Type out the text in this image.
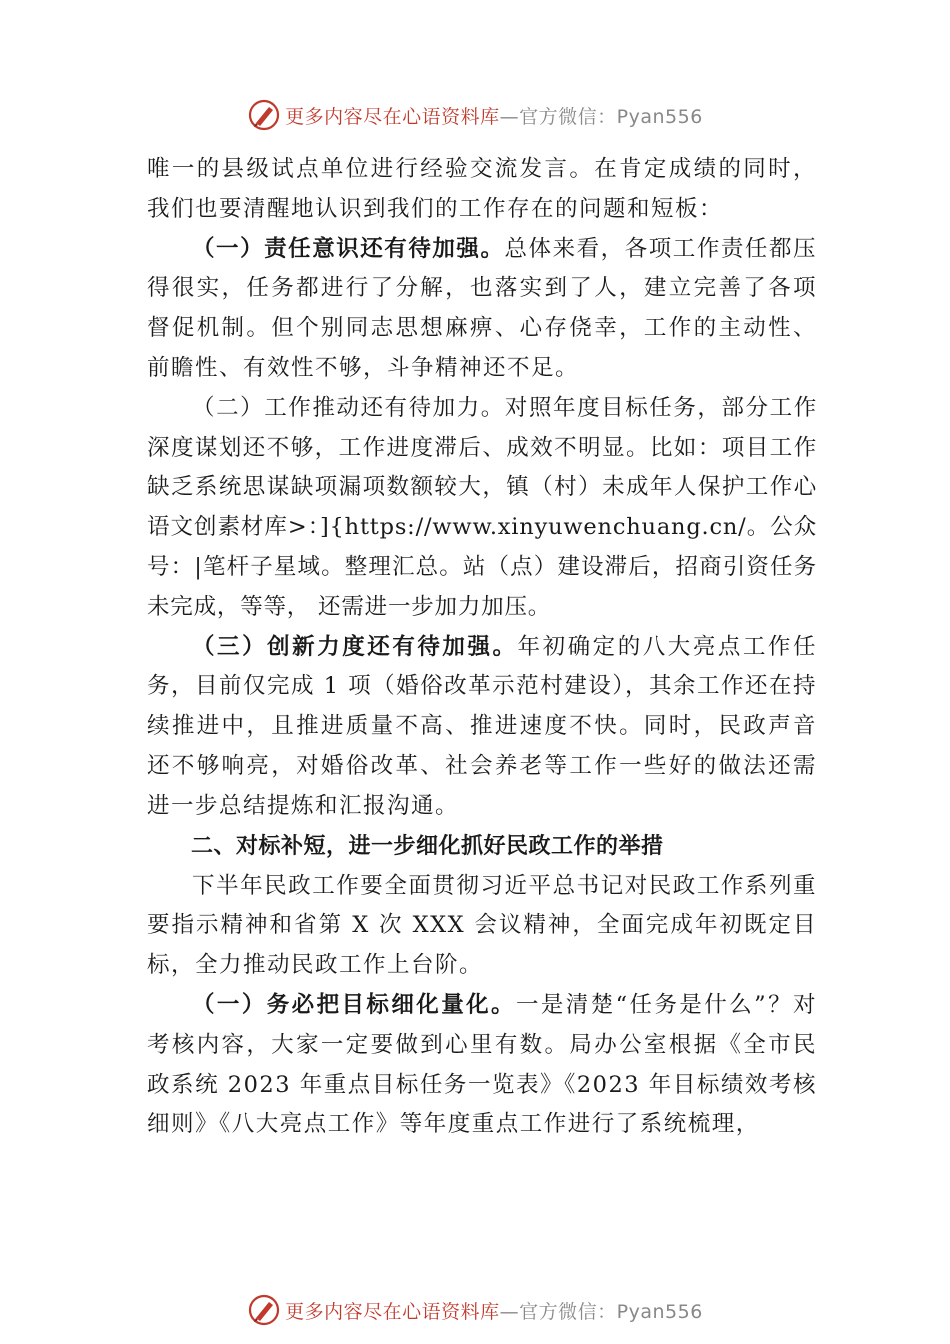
更多内容尽在心语资料库 —官方微信：Pyan556

唯一的县级试点单位进行经验交流发言。在肯定成绩的同时，我们也要清醒地认识到我们的工作存在的问题和短板：

（一）责任意识还有待加强。总体来看，各项工作责任都压得很实，任务都进行了分解，也落实到了人，建立完善了各项督促机制。但个别同志思想麻痹、心存侥幸，工作的主动性、前瞻性、有效性不够，斗争精神还不足。

（二）工作推动还有待加力。对照年度目标任务，部分工作深度谋划还不够，工作进度滞后、成效不明显。比如：项目工作缺乏系统思谋缺项漏项数额较大，镇（村）未成年人保护工作心语文创素材库>：]{https://www.xinyuwenchuang.cn/。公众号：|笔杆子星域。整理汇总。站（点）建设滞后，招商引资任务未完成，等等， 还需进一步加力加压。

（三）创新力度还有待加强。年初确定的八大亮点工作任务，目前仅完成 1 项（婚俗改革示范村建设），其余工作还在持续推进中，且推进质量不高、推进速度不快。同时，民政声音还不够响亮，对婚俗改革、社会养老等工作一些好的做法还需进一步总结提炼和汇报沟通。

二、对标补短，进一步细化抓好民政工作的举措

下半年民政工作要全面贯彻习近平总书记对民政工作系列重要指示精神和省第 X 次 XXX 会议精神，全面完成年初既定目标，全力推动民政工作上台阶。

（一）务必把目标细化量化。一是清楚“任务是什么”？对考核内容，大家一定要做到心里有数。局办公室根据《全市民政系统 2023 年重点目标任务一览表》《2023 年目标绩效考核细则》《八大亮点工作》等年度重点工作进行了系统梳理，

更多内容尽在心语资料库 —官方微信：Pyan556
